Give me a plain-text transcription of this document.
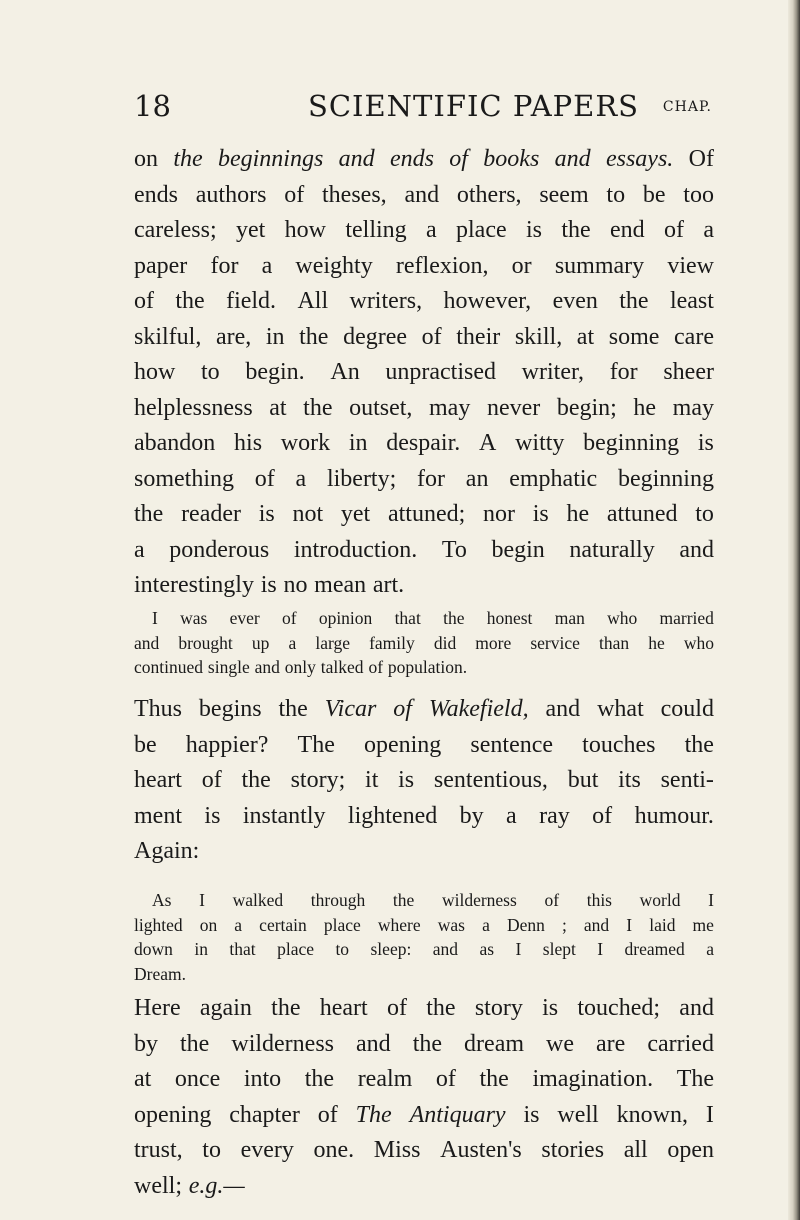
18	SCIENTIFIC PAPERS CHAP.
on the beginnings and ends of books and essays. Of
ends authors of theses, and others, seem to be too
careless; yet how telling a place is the end of a
paper for a weighty reflexion, or summary view
of the field. All writers, however, even the least
skilful, are, in the degree of their skill, at some care
how to begin. An unpractised writer, for sheer
helplessness at the outset, may never begin; he may
abandon his work in despair. A witty beginning is
something of a liberty; for an emphatic beginning
the reader is not yet attuned; nor is he attuned to
a ponderous introduction. To begin naturally and
interestingly is no mean art.
I was ever of opinion that the honest man who married
and brought up a large family did more service than he who
continued single and only talked of population.
Thus begins the Vicar of Wakefield, and what could
be happier? The opening sentence touches the
heart of the story; it is sententious, but its senti-
ment is instantly lightened by a ray of humour.
Again:
As I walked through the wilderness of this world I
lighted on a certain place where was a Denn ; and I laid me
down in that place to sleep: and as I slept I dreamed a
Dream.
Here again the heart of the story is touched; and
by the wilderness and the dream we are carried
at once into the realm of the imagination. The
opening chapter of The Antiquary is well known, I
trust, to every one. Miss Austen's stories all open
well; e.g.—
